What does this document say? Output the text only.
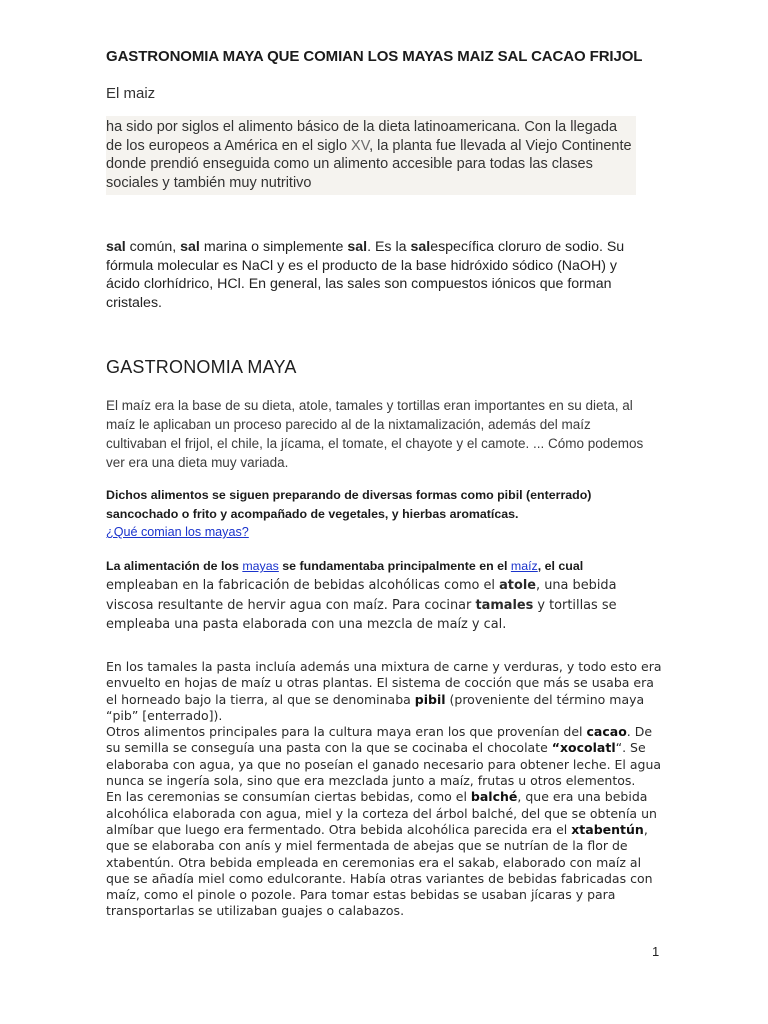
GASTRONOMIA MAYA QUE COMIAN LOS MAYAS MAIZ SAL CACAO FRIJOL
El maiz

ha sido por siglos el alimento básico de la dieta latinoamericana. Con la llegada de los europeos a América en el siglo XV, la planta fue llevada al Viejo Continente donde prendió enseguida como un alimento accesible para todas las clases sociales y también muy nutritivo

sal común, sal marina o simplemente sal. Es la salespecífica cloruro de sodio. Su fórmula molecular es NaCl y es el producto de la base hidróxido sódico (NaOH) y ácido clorhídrico, HCl. En general, las sales son compuestos iónicos que forman cristales.

GASTRONOMIA MAYA

El maíz era la base de su dieta, atole, tamales y tortillas eran importantes en su dieta, al maíz le aplicaban un proceso parecido al de la nixtamalización, además del maíz cultivaban el frijol, el chile, la jícama, el tomate, el chayote y el camote. ... Cómo podemos ver era una dieta muy variada.

Dichos alimentos se siguen preparando de diversas formas como pibil (enterrado) sancochado o frito y acompañado de vegetales, y hierbas aromatícas.

¿Qué comian los mayas?

La alimentación de los mayas se fundamentaba principalmente en el maíz, el cual empleaban en la fabricación de bebidas alcohólicas como el atole, una bebida viscosa resultante de hervir agua con maíz. Para cocinar tamales y tortillas se empleaba una pasta elaborada con una mezcla de maíz y cal.

En los tamales la pasta incluía además una mixtura de carne y verduras, y todo esto era envuelto en hojas de maíz u otras plantas. El sistema de cocción que más se usaba era el horneado bajo la tierra, al que se denominaba pibil (proveniente del término maya “pib” [enterrado]).

Otros alimentos principales para la cultura maya eran los que provenían del cacao. De su semilla se conseguía una pasta con la que se cocinaba el chocolate “xocolatl“. Se elaboraba con agua, ya que no poseían el ganado necesario para obtener leche. El agua nunca se ingería sola, sino que era mezclada junto a maíz, frutas u otros elementos.

En las ceremonias se consumían ciertas bebidas, como el balché, que era una bebida alcohólica elaborada con agua, miel y la corteza del árbol balché, del que se obtenía un almíbar que luego era fermentado. Otra bebida alcohólica parecida era el xtabentún, que se elaboraba con anís y miel fermentada de abejas que se nutrían de la flor de xtabentún. Otra bebida empleada en ceremonias era el sakab, elaborado con maíz al que se añadía miel como edulcorante. Había otras variantes de bebidas fabricadas con maíz, como el pinole o pozole. Para tomar estas bebidas se usaban jícaras y para transportarlas se utilizaban guajes o calabazos.

1
